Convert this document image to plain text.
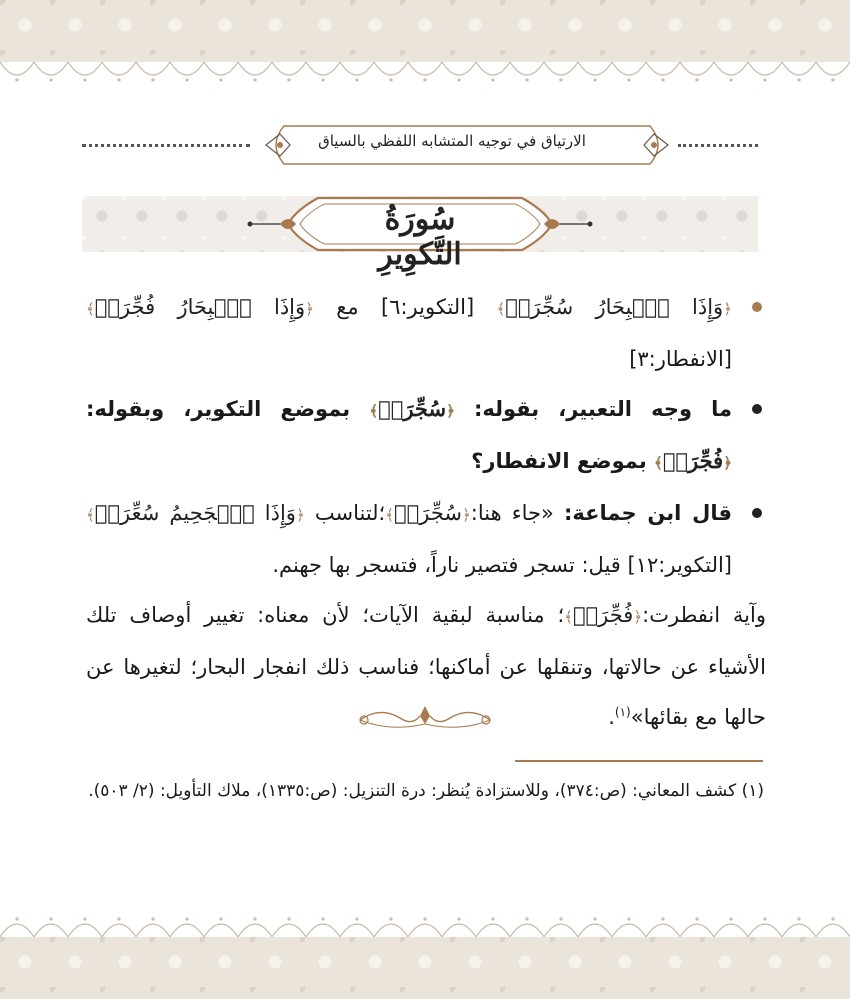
الارتياق في توجيه المتشابه اللفظي بالسياق
سُورَةُ التَّكوِيرِ

﴿وَإِذَا ٱلۡبِحَارُ سُجِّرَتۡ﴾ [التكوير:٦] مع ﴿وَإِذَا ٱلۡبِحَارُ فُجِّرَتۡ﴾ [الانفطار:٣]

ما وجه التعبير، بقوله: ﴿سُجِّرَتۡ﴾ بموضع التكوير، وبقوله: ﴿فُجِّرَتۡ﴾ بموضع الانفطار؟

قال ابن جماعة: «جاء هنا:﴿سُجِّرَتۡ﴾؛لتناسب ﴿وَإِذَا ٱلۡجَحِيمُ سُعِّرَتۡ﴾ [التكوير:١٢] قيل: تسجر فتصير ناراً، فتسجر بها جهنم.

وآية انفطرت:﴿فُجِّرَتۡ﴾؛ مناسبة لبقية الآيات؛ لأن معناه: تغيير أوصاف تلك الأشياء عن حالاتها، وتنقلها عن أماكنها؛ فناسب ذلك انفجار البحار؛ لتغيرها عن حالها مع بقائها»$^{(١)}$.

(١) كشف المعاني: (ص:٣٧٤)، وللاستزادة يُنظر: درة التنزيل: (ص:١٣٣٥)، ملاك التأويل: (٢/ ٥٠٣).
